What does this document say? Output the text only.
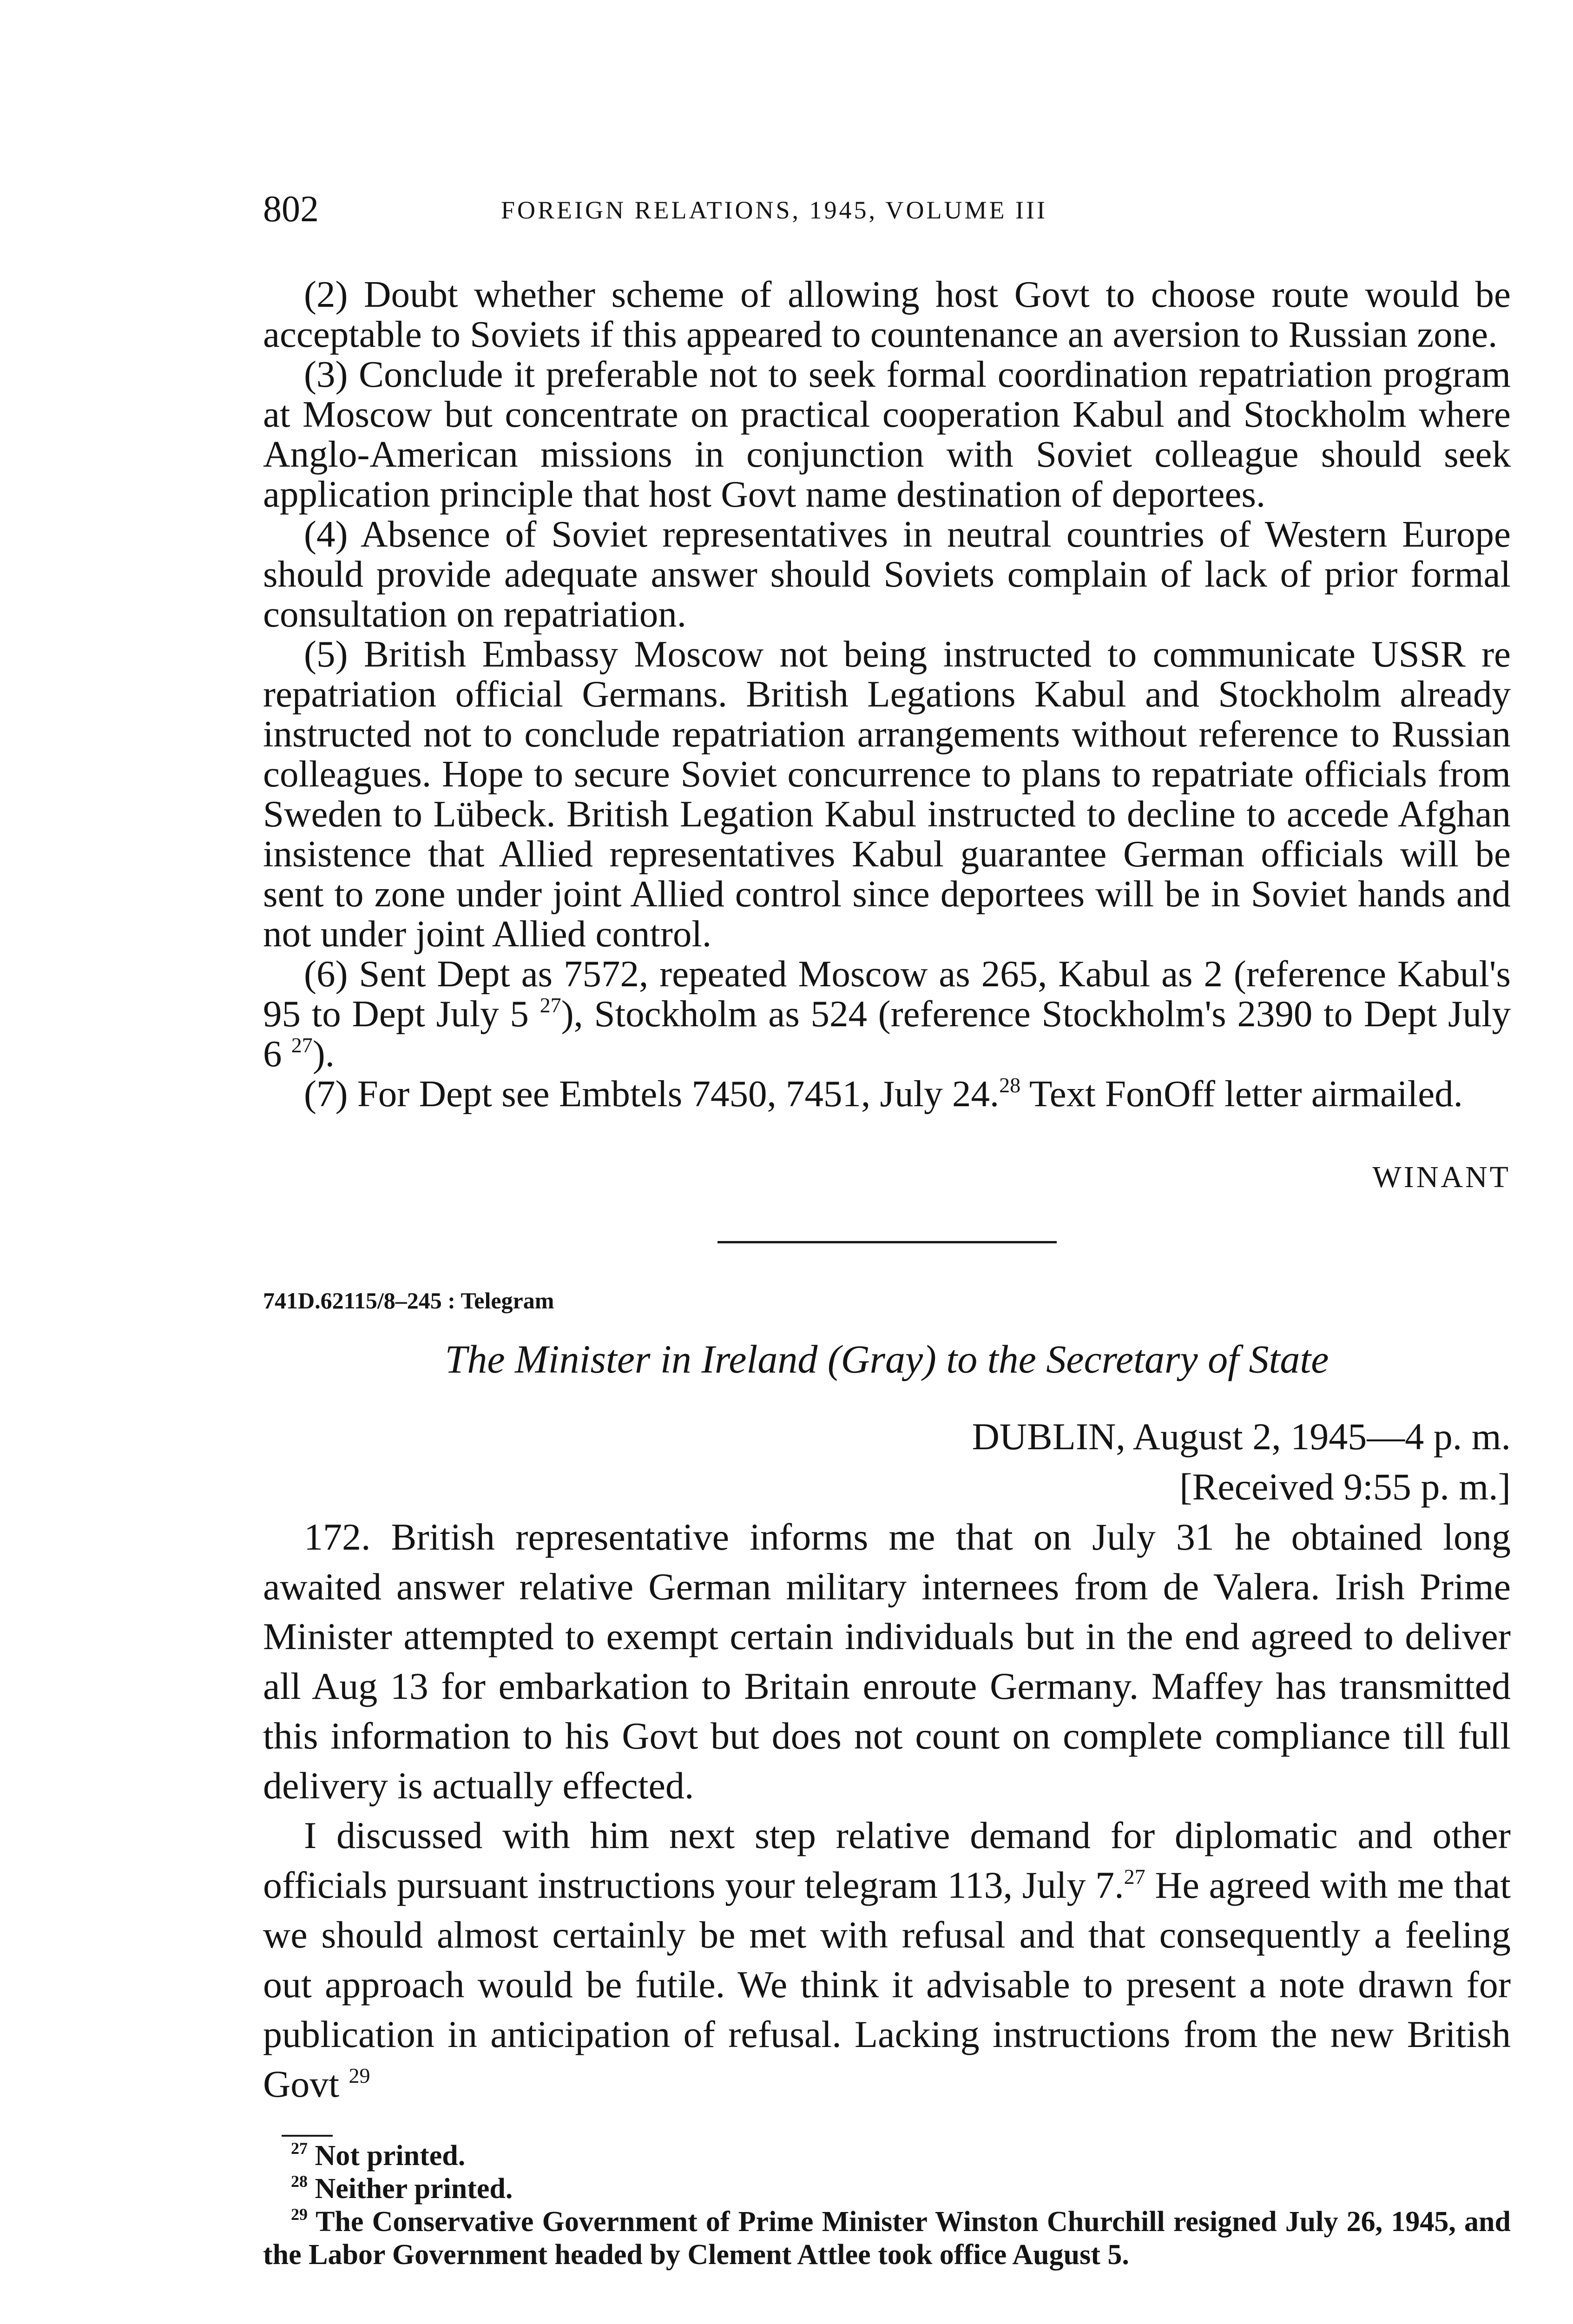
802	FOREIGN RELATIONS, 1945, VOLUME III

(2) Doubt whether scheme of allowing host Govt to choose route would be acceptable to Soviets if this appeared to countenance an aversion to Russian zone.

(3) Conclude it preferable not to seek formal coordination repatriation program at Moscow but concentrate on practical cooperation Kabul and Stockholm where Anglo-American missions in conjunction with Soviet colleague should seek application principle that host Govt name destination of deportees.

(4) Absence of Soviet representatives in neutral countries of Western Europe should provide adequate answer should Soviets complain of lack of prior formal consultation on repatriation.

(5) British Embassy Moscow not being instructed to communicate USSR re repatriation official Germans. British Legations Kabul and Stockholm already instructed not to conclude repatriation arrangements without reference to Russian colleagues. Hope to secure Soviet concurrence to plans to repatriate officials from Sweden to Lübeck. British Legation Kabul instructed to decline to accede Afghan insistence that Allied representatives Kabul guarantee German officials will be sent to zone under joint Allied control since deportees will be in Soviet hands and not under joint Allied control.

(6) Sent Dept as 7572, repeated Moscow as 265, Kabul as 2 (reference Kabul's 95 to Dept July 5 $^{27}$), Stockholm as 524 (reference Stockholm's 2390 to Dept July 6 $^{27}$).

(7) For Dept see Embtels 7450, 7451, July 24.28 Text FonOff letter airmailed.

WINANT
741D.62115/8–245 : Telegram
The Minister in Ireland (Gray) to the Secretary of State
DUBLIN, August 2, 1945—4 p. m.
[Received 9:55 p. m.]

172. British representative informs me that on July 31 he obtained long awaited answer relative German military internees from de Valera. Irish Prime Minister attempted to exempt certain individuals but in the end agreed to deliver all Aug 13 for embarkation to Britain enroute Germany. Maffey has transmitted this information to his Govt but does not count on complete compliance till full delivery is actually effected.

I discussed with him next step relative demand for diplomatic and other officials pursuant instructions your telegram 113, July 7.27 He agreed with me that we should almost certainly be met with refusal and that consequently a feeling out approach would be futile. We think it advisable to present a note drawn for publication in anticipation of refusal. Lacking instructions from the new British Govt $^{29}$

$^{27}$ Not printed.

$^{28}$ Neither printed.

$^{29}$ The Conservative Government of Prime Minister Winston Churchill resigned July 26, 1945, and the Labor Government headed by Clement Attlee took office August 5.
